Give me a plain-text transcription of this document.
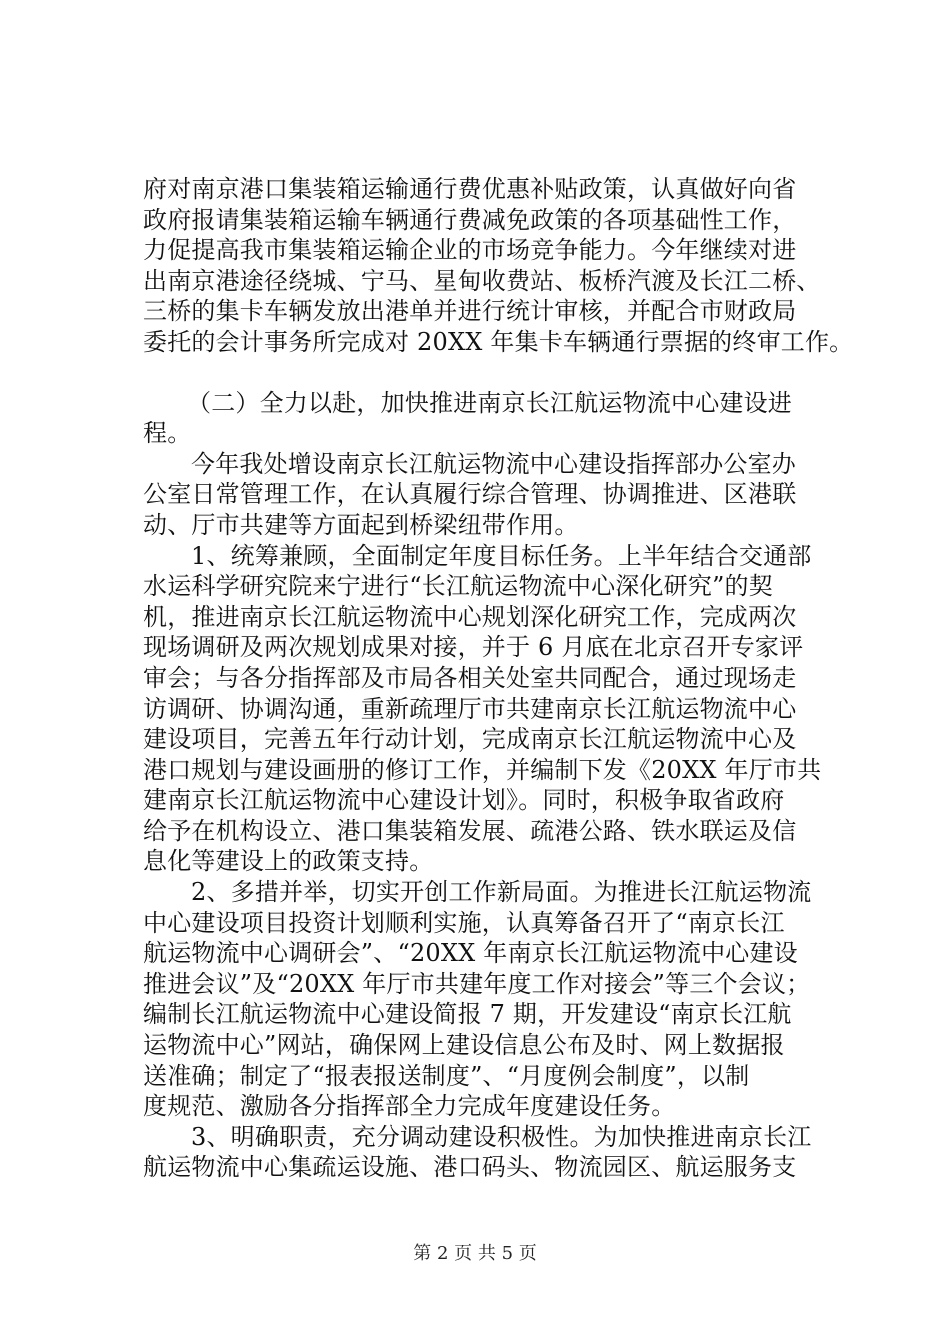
府对南京港口集装箱运输通行费优惠补贴政策，认真做好向省
政府报请集装箱运输车辆通行费减免政策的各项基础性工作，
力促提高我市集装箱运输企业的市场竞争能力。今年继续对进
出南京港途径绕城、宁马、星甸收费站、板桥汽渡及长江二桥、
三桥的集卡车辆发放出港单并进行统计审核，并配合市财政局
委托的会计事务所完成对 20XX 年集卡车辆通行票据的终审工作。
（二）全力以赴，加快推进南京长江航运物流中心建设进
程。
今年我处增设南京长江航运物流中心建设指挥部办公室办
公室日常管理工作，在认真履行综合管理、协调推进、区港联
动、厅市共建等方面起到桥梁纽带作用。
1、统筹兼顾，全面制定年度目标任务。上半年结合交通部
水运科学研究院来宁进行“长江航运物流中心深化研究”的契
机，推进南京长江航运物流中心规划深化研究工作，完成两次
现场调研及两次规划成果对接，并于 6 月底在北京召开专家评
审会；与各分指挥部及市局各相关处室共同配合，通过现场走
访调研、协调沟通，重新疏理厅市共建南京长江航运物流中心
建设项目，完善五年行动计划，完成南京长江航运物流中心及
港口规划与建设画册的修订工作，并编制下发《20XX 年厅市共
建南京长江航运物流中心建设计划》。同时，积极争取省政府
给予在机构设立、港口集装箱发展、疏港公路、铁水联运及信
息化等建设上的政策支持。
2、多措并举，切实开创工作新局面。为推进长江航运物流
中心建设项目投资计划顺利实施，认真筹备召开了“南京长江
航运物流中心调研会”、“20XX 年南京长江航运物流中心建设
推进会议”及“20XX 年厅市共建年度工作对接会”等三个会议；
编制长江航运物流中心建设简报 7 期，开发建设“南京长江航
运物流中心”网站，确保网上建设信息公布及时、网上数据报
送准确；制定了“报表报送制度”、“月度例会制度”，以制
度规范、激励各分指挥部全力完成年度建设任务。
3、明确职责，充分调动建设积极性。为加快推进南京长江
航运物流中心集疏运设施、港口码头、物流园区、航运服务支
第 2 页 共 5 页
